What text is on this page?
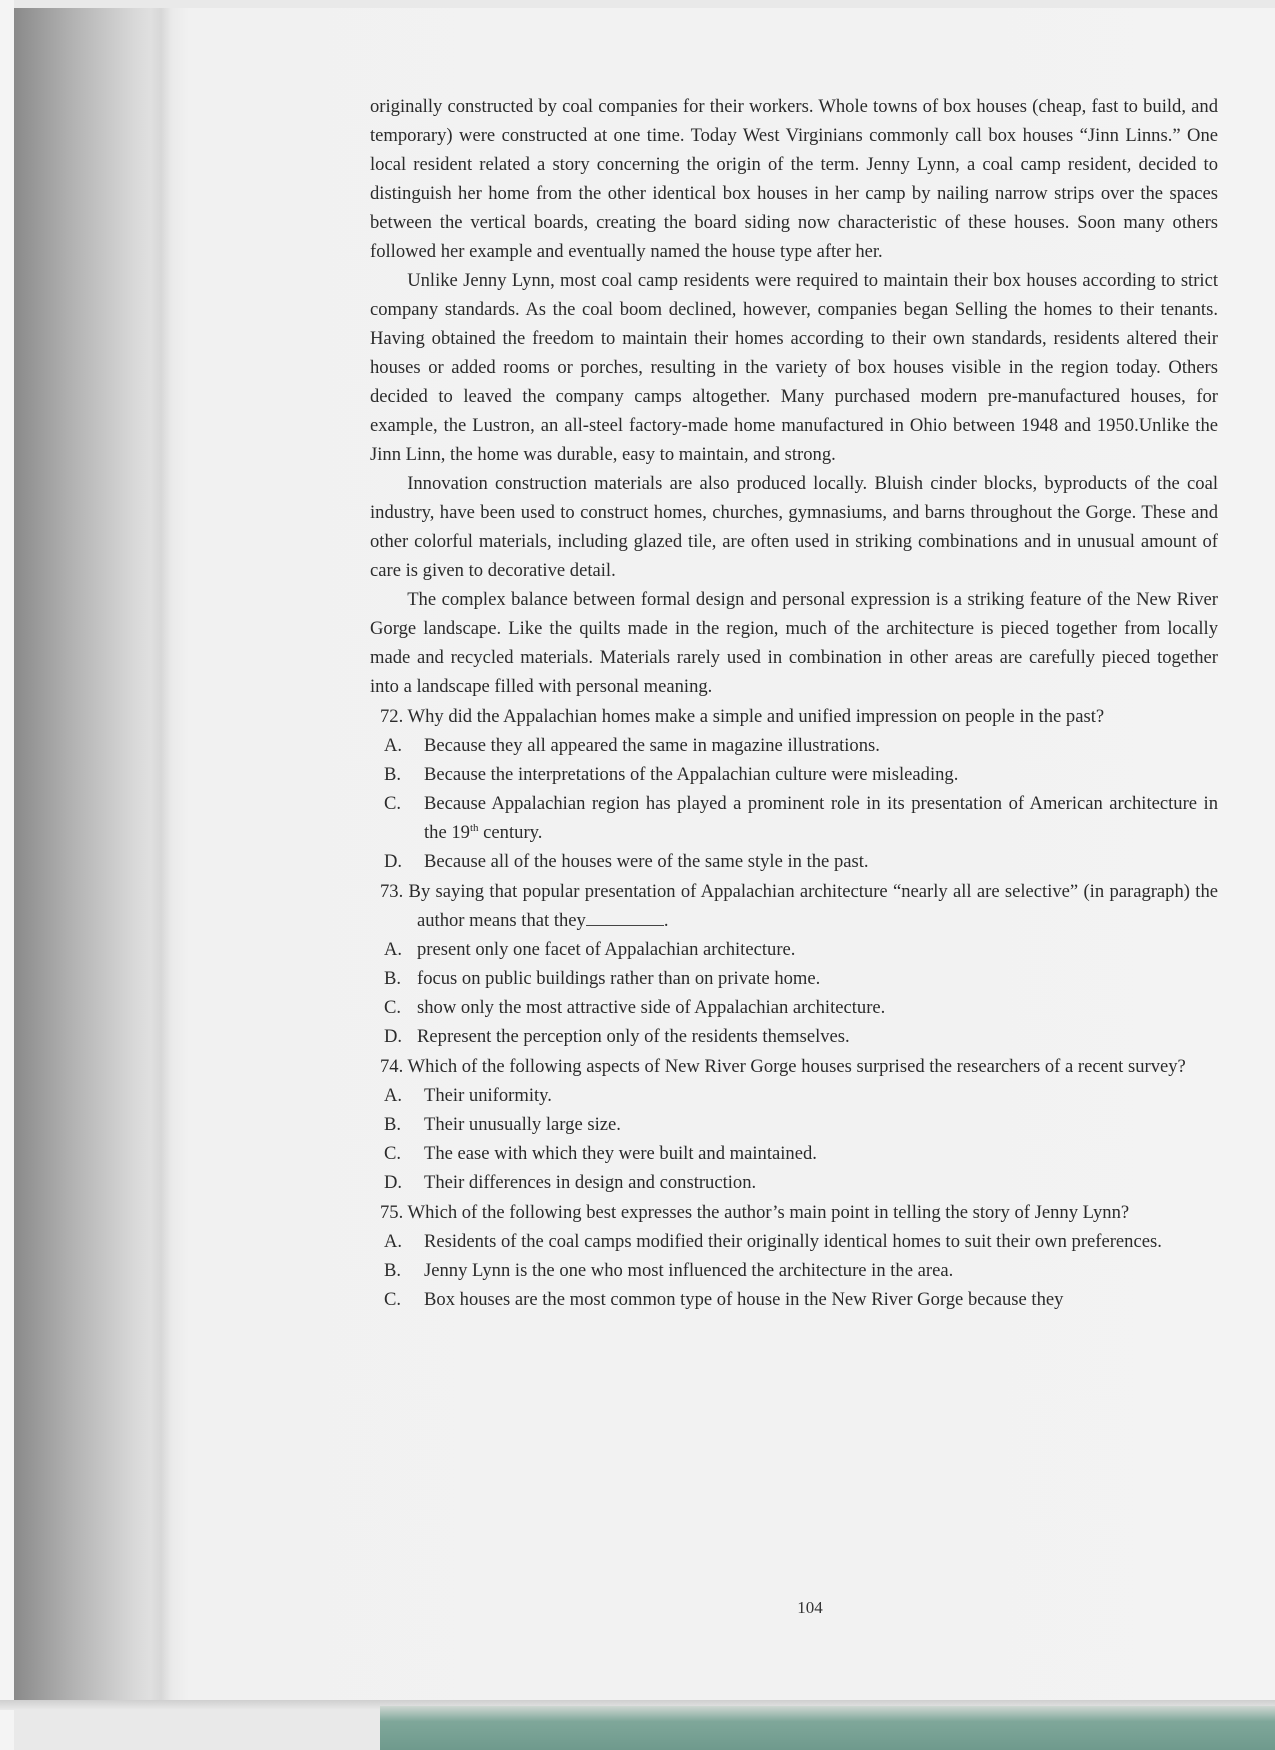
originally constructed by coal companies for their workers. Whole towns of box houses (cheap, fast to build, and temporary) were constructed at one time. Today West Virginians commonly call box houses “Jinn Linns.” One local resident related a story concerning the origin of the term. Jenny Lynn, a coal camp resident, decided to distinguish her home from the other identical box houses in her camp by nailing narrow strips over the spaces between the vertical boards, creating the board siding now characteristic of these houses. Soon many others followed her example and eventually named the house type after her.

Unlike Jenny Lynn, most coal camp residents were required to maintain their box houses according to strict company standards. As the coal boom declined, however, companies began Selling the homes to their tenants. Having obtained the freedom to maintain their homes according to their own standards, residents altered their houses or added rooms or porches, resulting in the variety of box houses visible in the region today. Others decided to leaved the company camps altogether. Many purchased modern pre-manufactured houses, for example, the Lustron, an all-steel factory-made home manufactured in Ohio between 1948 and 1950.Unlike the Jinn Linn, the home was durable, easy to maintain, and strong.

Innovation construction materials are also produced locally. Bluish cinder blocks, byproducts of the coal industry, have been used to construct homes, churches, gymnasiums, and barns throughout the Gorge. These and other colorful materials, including glazed tile, are often used in striking combinations and in unusual amount of care is given to decorative detail.

The complex balance between formal design and personal expression is a striking feature of the New River Gorge landscape. Like the quilts made in the region, much of the architecture is pieced together from locally made and recycled materials. Materials rarely used in combination in other areas are carefully pieced together into a landscape filled with personal meaning.

72. Why did the Appalachian homes make a simple and unified impression on people in the past?

A. Because they all appeared the same in magazine illustrations.

B. Because the interpretations of the Appalachian culture were misleading.

C. Because Appalachian region has played a prominent role in its presentation of American architecture in the 19th century.

D. Because all of the houses were of the same style in the past.

73. By saying that popular presentation of Appalachian architecture “nearly all are selective” (in paragraph) the author means that they	.

A. present only one facet of Appalachian architecture.

B. focus on public buildings rather than on private home.

C. show only the most attractive side of Appalachian architecture.

D. Represent the perception only of the residents themselves.

74. Which of the following aspects of New River Gorge houses surprised the researchers of a recent survey?

A. Their uniformity.

B. Their unusually large size.

C. The ease with which they were built and maintained.

D. Their differences in design and construction.

75. Which of the following best expresses the author’s main point in telling the story of Jenny Lynn?

A. Residents of the coal camps modified their originally identical homes to suit their own preferences.

B. Jenny Lynn is the one who most influenced the architecture in the area.

C. Box houses are the most common type of house in the New River Gorge because they

104
